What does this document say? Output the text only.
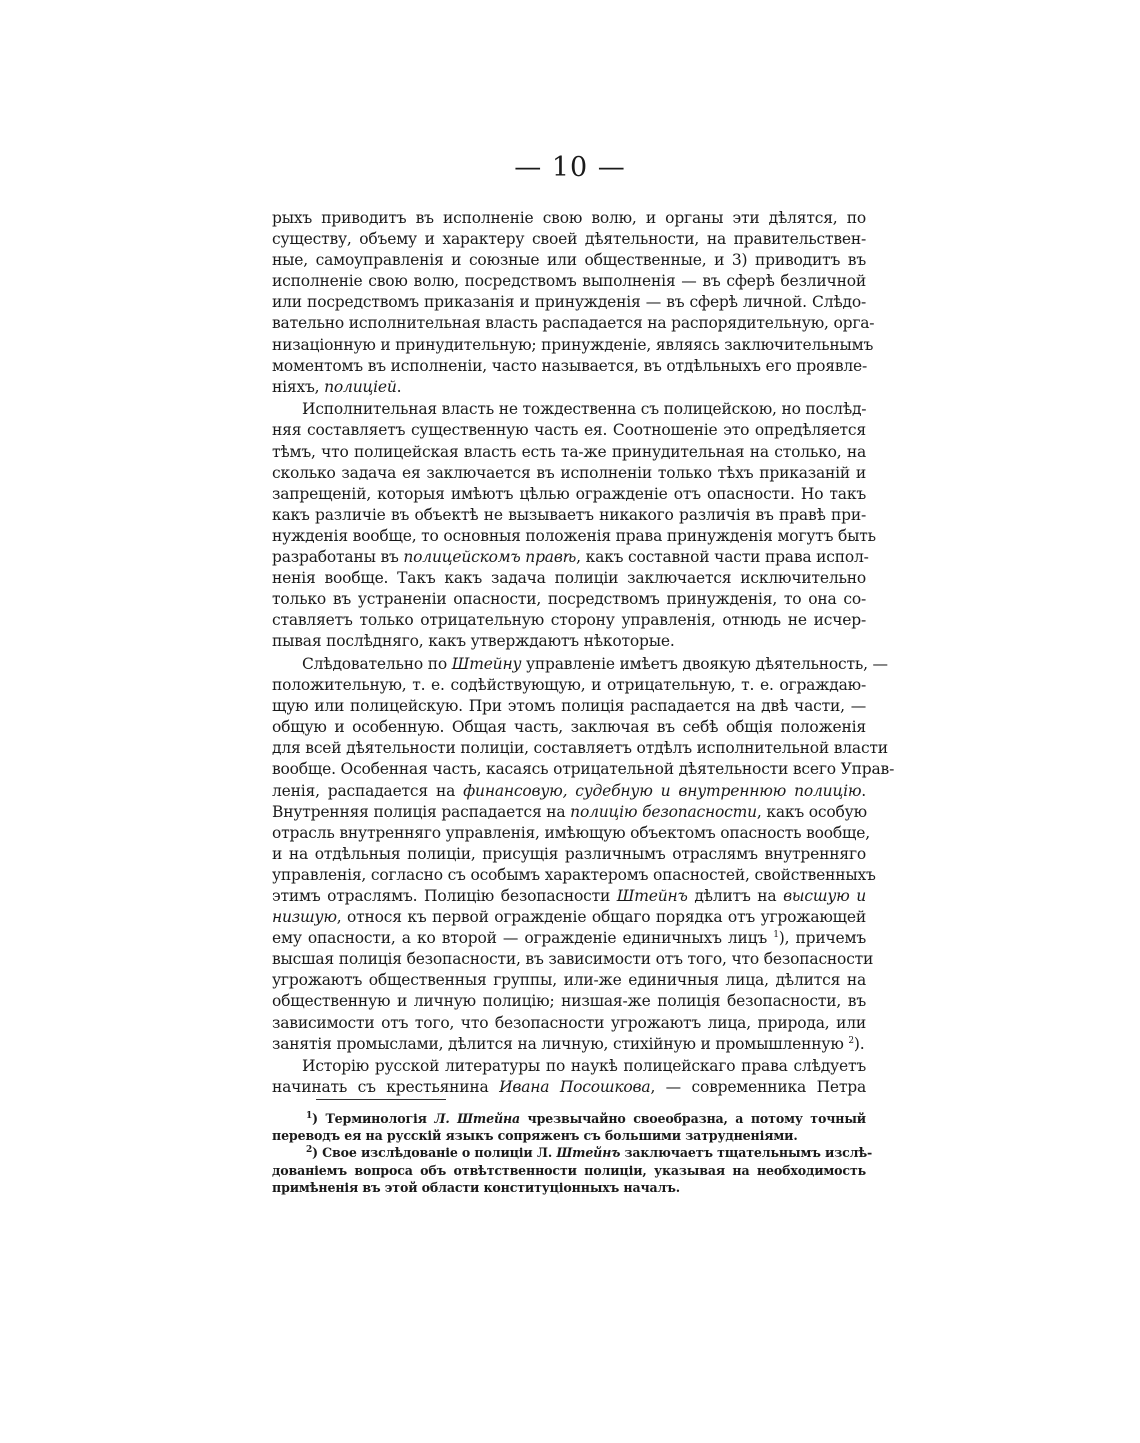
— 10 —
рыхъ приводитъ въ исполненіе свою волю, и органы эти дѣлятся, по
существу, объему и характеру своей дѣятельности, на правительствен-
ные, самоуправленія и союзные или общественные, и 3) приводитъ въ
исполненіе свою волю, посредствомъ выполненія — въ сферѣ безличной
или посредствомъ приказанія и принужденія — въ сферѣ личной. Слѣдо-
вательно исполнительная власть распадается на распорядительную, орга-
низаціонную и принудительную; принужденіе, являясь заключительнымъ
моментомъ въ исполненіи, часто называется, въ отдѣльныхъ его проявле-
ніяхъ, полиціей.
Исполнительная власть не тождественна съ полицейскою, но послѣд-
няя составляетъ существенную часть ея. Соотношеніе это опредѣляется
тѣмъ, что полицейская власть есть та-же принудительная на столько, на
сколько задача ея заключается въ исполненіи только тѣхъ приказаній и
запрещеній, которыя имѣютъ цѣлью огражденіе отъ опасности. Но такъ
какъ различіе въ объектѣ не вызываетъ никакого различія въ правѣ при-
нужденія вообще, то основныя положенія права принужденія могутъ быть
разработаны въ полицейскомъ правѣ, какъ составной части права испол-
ненія вообще. Такъ какъ задача полиціи заключается исключительно
только въ устраненіи опасности, посредствомъ принужденія, то она со-
ставляетъ только отрицательную сторону управленія, отнюдь не исчер-
пывая послѣдняго, какъ утверждаютъ нѣкоторые.
Слѣдовательно по Штейну управленіе имѣетъ двоякую дѣятельность, —
положительную, т. е. содѣйствующую, и отрицательную, т. е. ограждаю-
щую или полицейскую. При этомъ полиція распадается на двѣ части, —
общую и особенную. Общая часть, заключая въ себѣ общія положенія
для всей дѣятельности полиціи, составляетъ отдѣлъ исполнительной власти
вообще. Особенная часть, касаясь отрицательной дѣятельности всего Управ-
ленія, распадается на финансовую, судебную и внутреннюю полицію.
Внутренняя полиція распадается на полицію безопасности, какъ особую
отрасль внутренняго управленія, имѣющую объектомъ опасность вообще,
и на отдѣльныя полиціи, присущія различнымъ отраслямъ внутренняго
управленія, согласно съ особымъ характеромъ опасностей, свойственныхъ
этимъ отраслямъ. Полицію безопасности Штейнъ дѣлитъ на высшую и
низшую, относя къ первой огражденіе общаго порядка отъ угрожающей
ему опасности, а ко второй — огражденіе единичныхъ лицъ $^1$), причемъ
высшая полиція безопасности, въ зависимости отъ того, что безопасности
угрожаютъ общественныя группы, или-же единичныя лица, дѣлится на
общественную и личную полицію; низшая-же полиція безопасности, въ
зависимости отъ того, что безопасности угрожаютъ лица, природа, или
занятія промыслами, дѣлится на личную, стихійную и промышленную $^2$).
Исторію русской литературы по наукѣ полицейскаго права слѣдуетъ
начинать съ крестьянина Ивана Посошкова, — современника Петра
$^1$) Терминологія Л. Штейна чрезвычайно своеобразна, а потому точный
переводъ ея на русскій языкъ сопряженъ съ большими затрудненіями.
$^2$) Свое изслѣдованіе о полиціи Л. Штейнъ заключаетъ тщательнымъ изслѣ-
дованіемъ вопроса объ отвѣтственности полиціи, указывая на необходимость
примѣненія въ этой области конституціонныхъ началъ.
